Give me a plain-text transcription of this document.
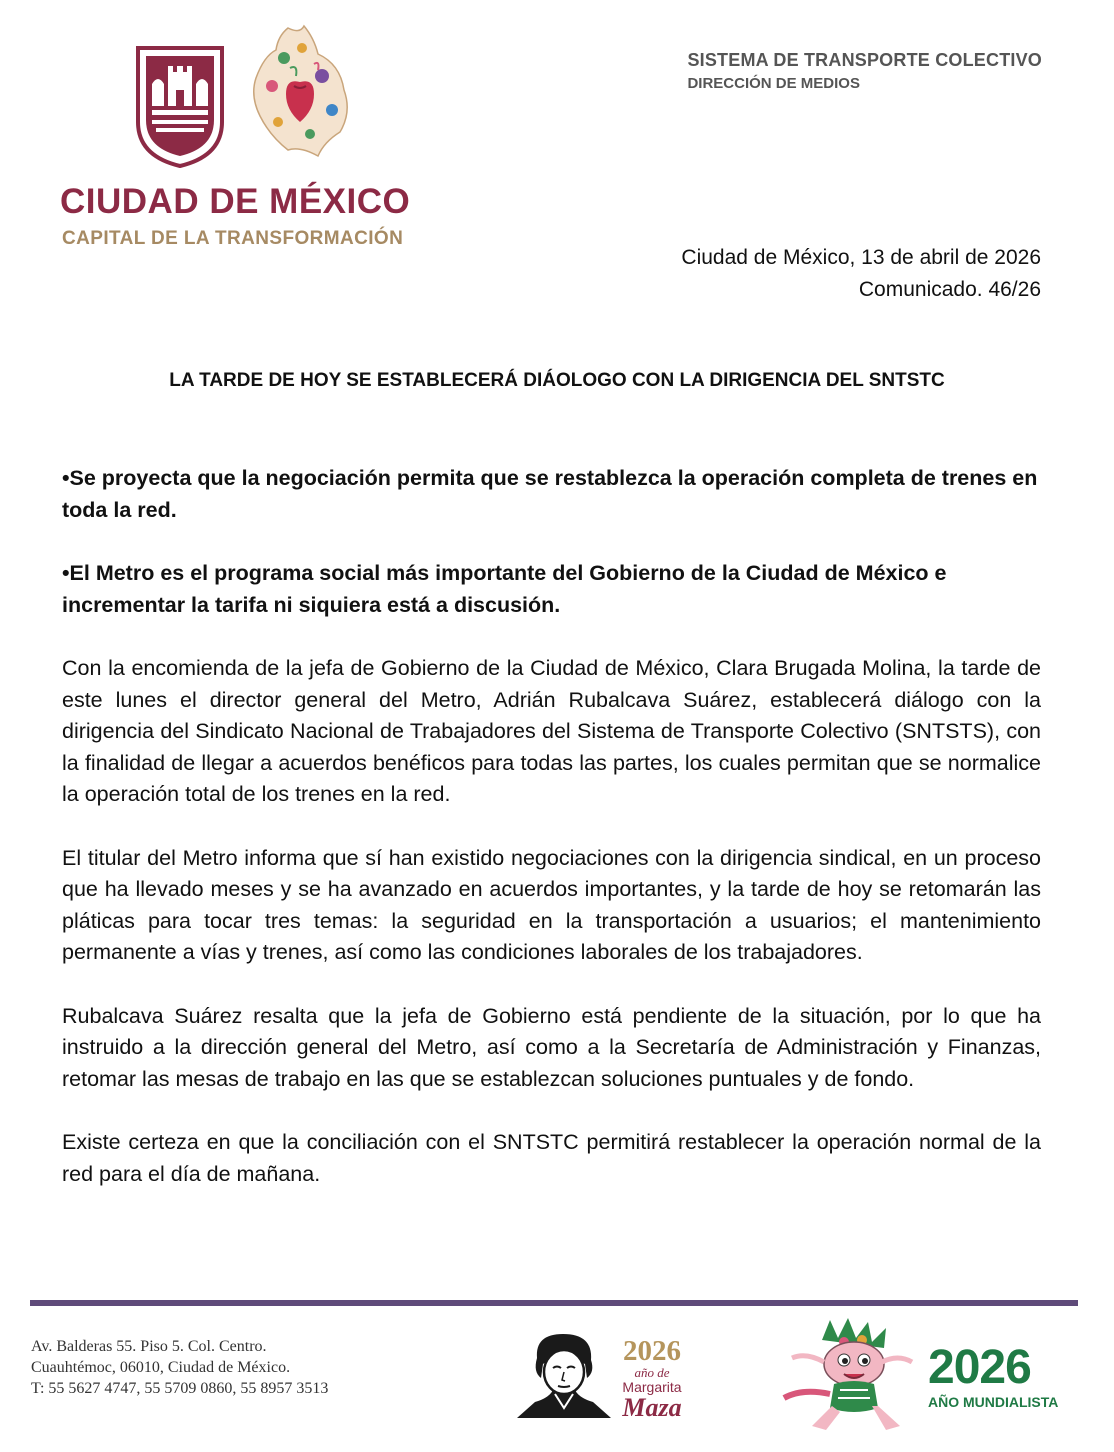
CIUDAD DE MÉXICO
CAPITAL DE LA TRANSFORMACIÓN
SISTEMA DE TRANSPORTE COLECTIVO
DIRECCIÓN DE MEDIOS
Ciudad de México, 13 de abril de 2026
Comunicado. 46/26
LA TARDE DE HOY SE ESTABLECERÁ DIÁOLOGO CON LA DIRIGENCIA DEL SNTSTC

•Se proyecta que la negociación permita que se restablezca la operación completa de trenes en toda la red.

•El Metro es el programa social más importante del Gobierno de la Ciudad de México e incrementar la tarifa ni siquiera está a discusión.

Con la encomienda de la jefa de Gobierno de la Ciudad de México, Clara Brugada Molina, la tarde de este lunes el director general del Metro, Adrián Rubalcava Suárez, establecerá diálogo con la dirigencia del Sindicato Nacional de Trabajadores del Sistema de Transporte Colectivo (SNTSTS), con la finalidad de llegar a acuerdos benéficos para todas las partes, los cuales permitan que se normalice la operación total de los trenes en la red.

El titular del Metro informa que sí han existido negociaciones con la dirigencia sindical, en un proceso que ha llevado meses y se ha avanzado en acuerdos importantes, y la tarde de hoy se retomarán las pláticas para tocar tres temas: la seguridad en la transportación a usuarios; el mantenimiento permanente a vías y trenes, así como las condiciones laborales de los trabajadores.

Rubalcava Suárez resalta que la jefa de Gobierno está pendiente de la situación, por lo que ha instruido a la dirección general del Metro, así como a la Secretaría de Administración y Finanzas, retomar las mesas de trabajo en las que se establezcan soluciones puntuales y de fondo.

Existe certeza en que la conciliación con el SNTSTC permitirá restablecer la operación normal de la red para el día de mañana.

Av. Balderas 55. Piso 5. Col. Centro.
Cuauhtémoc, 06010, Ciudad de México.
T: 55 5627 4747, 55 5709 0860, 55 8957 3513
2026
año de
Margarita
Maza
2026
AÑO MUNDIALISTA
